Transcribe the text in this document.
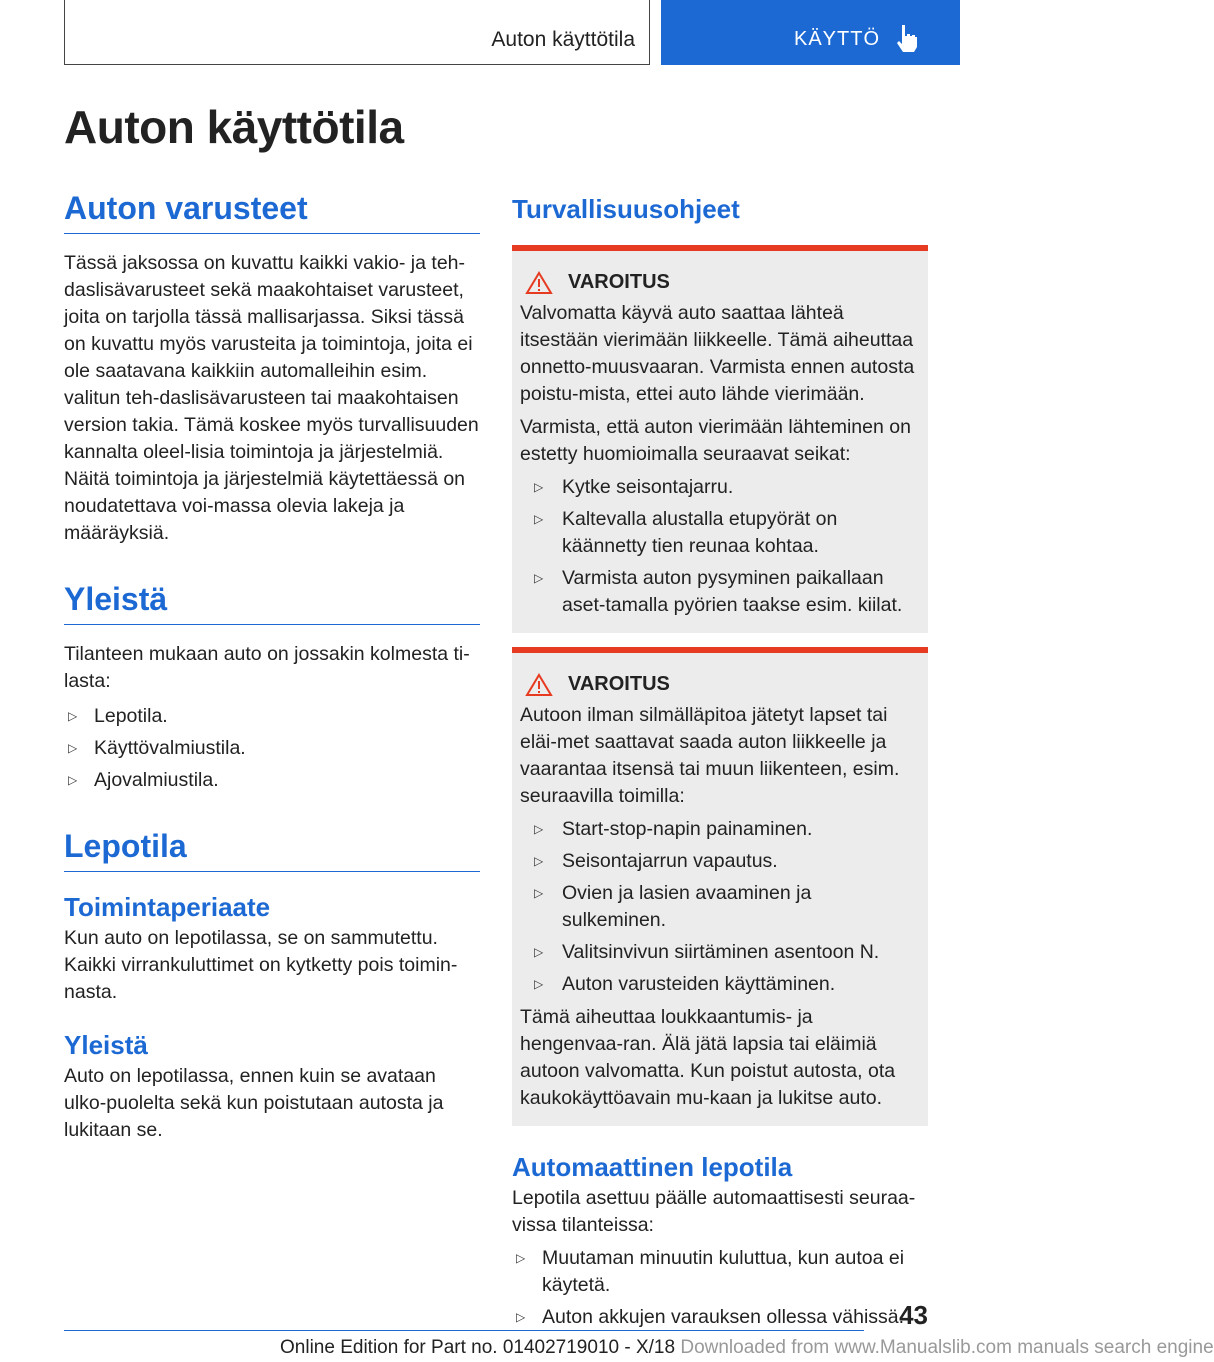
Auton käyttötila	KÄYTTÖ
Auton käyttötila
Auton varusteet

Tässä jaksossa on kuvattu kaikki vakio- ja teh-daslisävarusteet sekä maakohtaiset varusteet, joita on tarjolla tässä mallisarjassa. Siksi tässä on kuvattu myös varusteita ja toimintoja, joita ei ole saatavana kaikkiin automalleihin esim. valitun teh-daslisävarusteen tai maakohtaisen version takia. Tämä koskee myös turvallisuuden kannalta oleel-lisia toimintoja ja järjestelmiä. Näitä toimintoja ja järjestelmiä käytettäessä on noudatettava voi-massa olevia lakeja ja määräyksiä.

Yleistä

Tilanteen mukaan auto on jossakin kolmesta ti-lasta:

▷ Lepotila.
▷ Käyttövalmiustila.
▷ Ajovalmiustila.
Lepotila
Toimintaperiaate

Kun auto on lepotilassa, se on sammutettu. Kaikki virrankuluttimet on kytketty pois toimin-nasta.

Yleistä

Auto on lepotilassa, ennen kuin se avataan ulko-puolelta sekä kun poistutaan autosta ja lukitaan se.

Turvallisuusohjeet
VAROITUS

Valvomatta käyvä auto saattaa lähteä itsestään vierimään liikkeelle. Tämä aiheuttaa onnetto-muusvaaran. Varmista ennen autosta poistu-mista, ettei auto lähde vierimään.

Varmista, että auton vierimään lähteminen on estetty huomioimalla seuraavat seikat:

▷ Kytke seisontajarru.
▷ Kaltevalla alustalla etupyörät on käännetty tien reunaa kohtaa.
▷ Varmista auton pysyminen paikallaan aset-tamalla pyörien taakse esim. kiilat.
VAROITUS

Autoon ilman silmälläpitoa jätetyt lapset tai eläi-met saattavat saada auton liikkeelle ja vaarantaa itsensä tai muun liikenteen, esim. seuraavilla toimilla:

▷ Start-stop-napin painaminen.
▷ Seisontajarrun vapautus.
▷ Ovien ja lasien avaaminen ja sulkeminen.
▷ Valitsinvivun siirtäminen asentoon N.
▷ Auton varusteiden käyttäminen.

Tämä aiheuttaa loukkaantumis- ja hengenvaa-ran. Älä jätä lapsia tai eläimiä autoon valvomatta. Kun poistut autosta, ota kaukokäyttöavain mu-kaan ja lukitse auto.

Automaattinen lepotila

Lepotila asettuu päälle automaattisesti seuraa-vissa tilanteissa:

▷ Muutaman minuutin kuluttua, kun autoa ei käytetä.
▷ Auton akkujen varauksen ollessa vähissä.
43
Online Edition for Part no. 01402719010 - X/18 Downloaded from www.Manualslib.com manuals search engine
